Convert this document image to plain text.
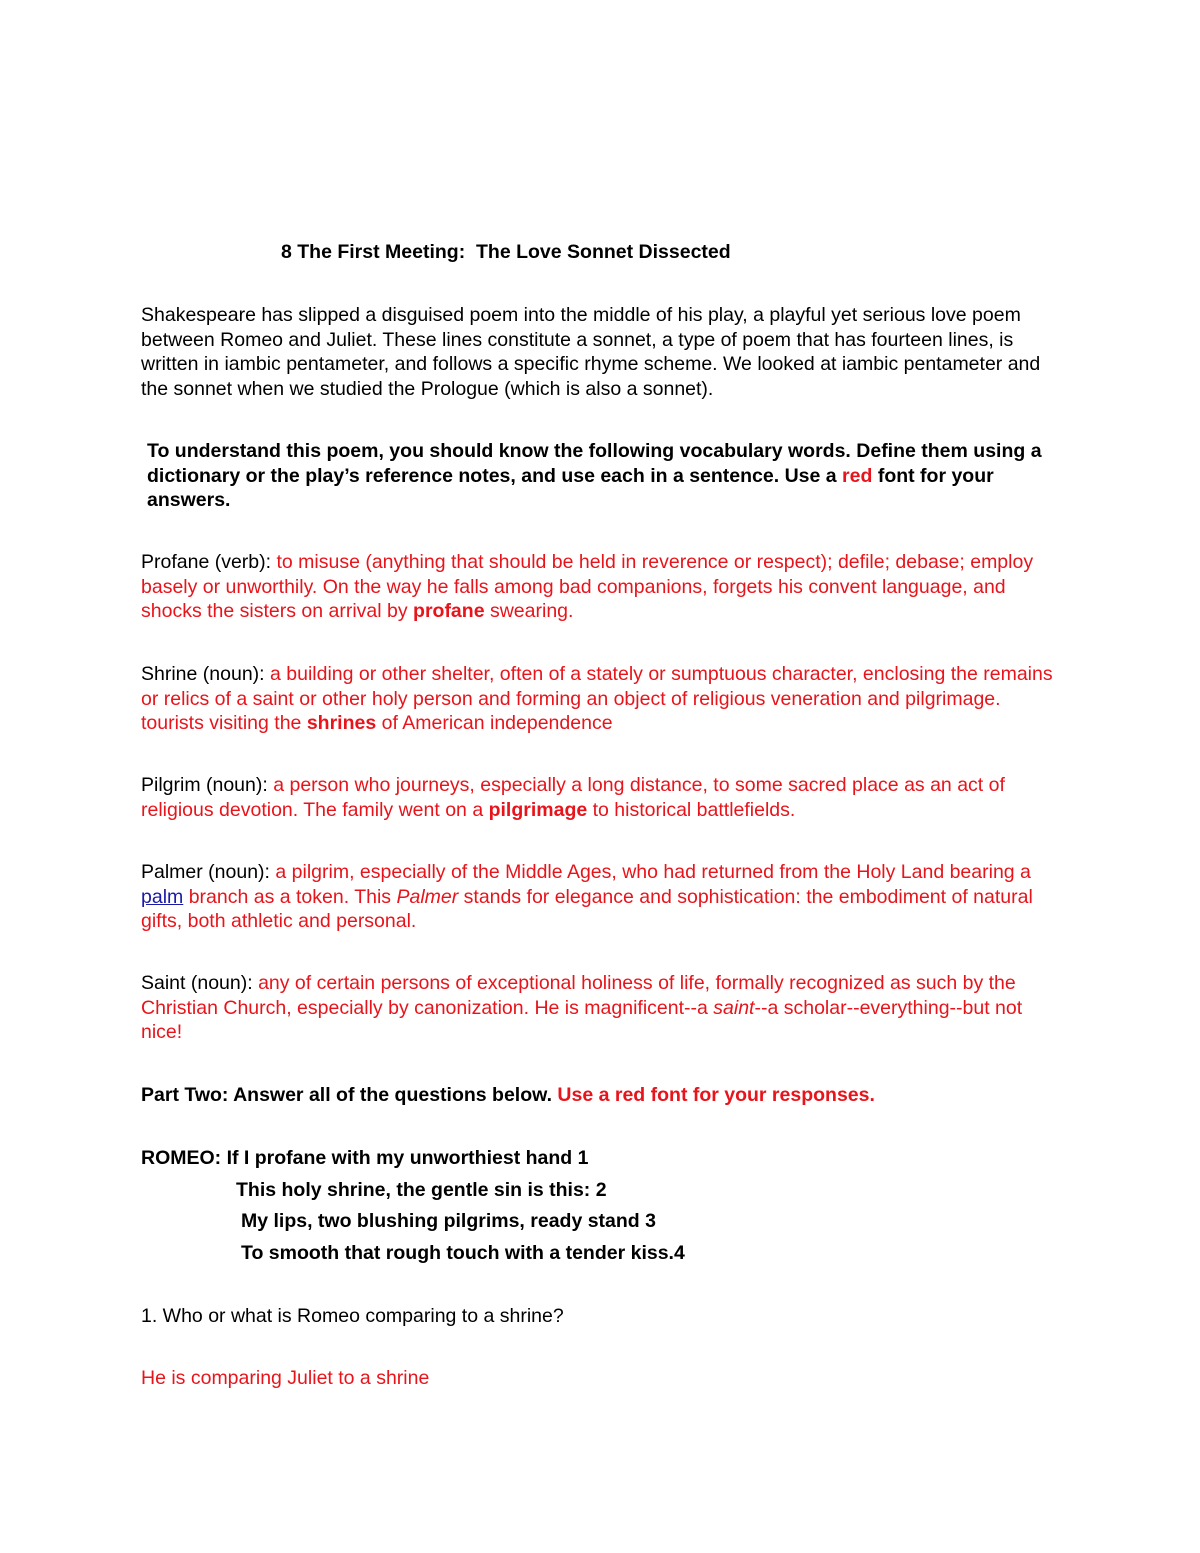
8 The First Meeting:  The Love Sonnet Dissected

Shakespeare has slipped a disguised poem into the middle of his play, a playful yet serious love poem between Romeo and Juliet. These lines constitute a sonnet, a type of poem that has fourteen lines, is written in iambic pentameter, and follows a specific rhyme scheme. We looked at iambic pentameter and the sonnet when we studied the Prologue (which is also a sonnet).

To understand this poem, you should know the following vocabulary words. Define them using a dictionary or the play’s reference notes, and use each in a sentence. Use a red font for your answers.

Profane (verb): to misuse (anything that should be held in reverence or respect); defile; debase; employ basely or unworthily. On the way he falls among bad companions, forgets his convent language, and shocks the sisters on arrival by profane swearing.

Shrine (noun): a building or other shelter, often of a stately or sumptuous character, enclosing the remains or relics of a saint or other holy person and forming an object of religious veneration and pilgrimage. tourists visiting the shrines of American independence

Pilgrim (noun): a person who journeys, especially a long distance, to some sacred place as an act of religious devotion. The family went on a pilgrimage to historical battlefields.

Palmer (noun): a pilgrim, especially of the Middle Ages, who had returned from the Holy Land bearing a palm branch as a token. This Palmer stands for elegance and sophistication: the embodiment of natural gifts, both athletic and personal.

Saint (noun): any of certain persons of exceptional holiness of life, formally recognized as such by the Christian Church, especially by canonization. He is magnificent--a saint--a scholar--everything--but not nice!

Part Two: Answer all of the questions below. Use a red font for your responses.

ROMEO: If I profane with my unworthiest hand 1
This holy shrine, the gentle sin is this: 2
My lips, two blushing pilgrims, ready stand 3
To smooth that rough touch with a tender kiss.4

1. Who or what is Romeo comparing to a shrine?

He is comparing Juliet to a shrine
